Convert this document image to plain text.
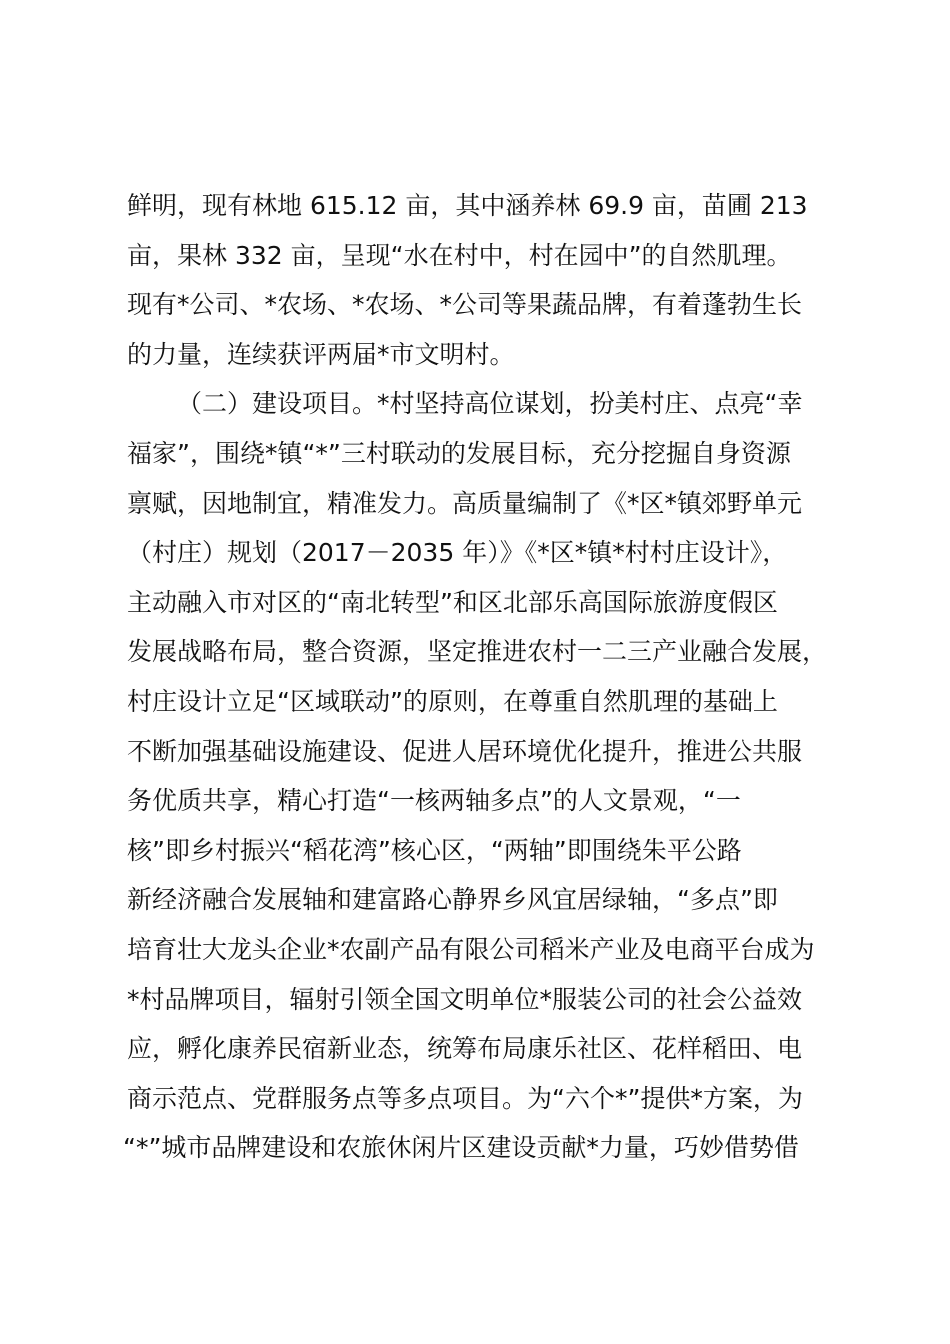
鲜明，现有林地 615.12 亩，其中涵养林 69.9 亩，苗圃 213
亩，果林 332 亩，呈现“水在村中，村在园中”的自然肌理。
现有*公司、*农场、*农场、*公司等果蔬品牌，有着蓬勃生长
的力量，连续获评两届*市文明村。
（二）建设项目。*村坚持高位谋划，扮美村庄、点亮“幸
福家”，围绕*镇“*”三村联动的发展目标，充分挖掘自身资源
禀赋，因地制宜，精准发力。高质量编制了《*区*镇郊野单元
（村庄）规划（2017－2035 年）》《*区*镇*村村庄设计》，
主动融入市对区的“南北转型”和区北部乐高国际旅游度假区
发展战略布局，整合资源，坚定推进农村一二三产业融合发展，
村庄设计立足“区域联动”的原则，在尊重自然肌理的基础上
不断加强基础设施建设、促进人居环境优化提升，推进公共服
务优质共享，精心打造“一核两轴多点”的人文景观，“一
核”即乡村振兴“稻花湾”核心区，“两轴”即围绕朱平公路
新经济融合发展轴和建富路心静界乡风宜居绿轴，“多点”即
培育壮大龙头企业*农副产品有限公司稻米产业及电商平台成为
*村品牌项目，辐射引领全国文明单位*服装公司的社会公益效
应，孵化康养民宿新业态，统筹布局康乐社区、花样稻田、电
商示范点、党群服务点等多点项目。为“六个*”提供*方案，为
“*”城市品牌建设和农旅休闲片区建设贡献*力量，巧妙借势借
